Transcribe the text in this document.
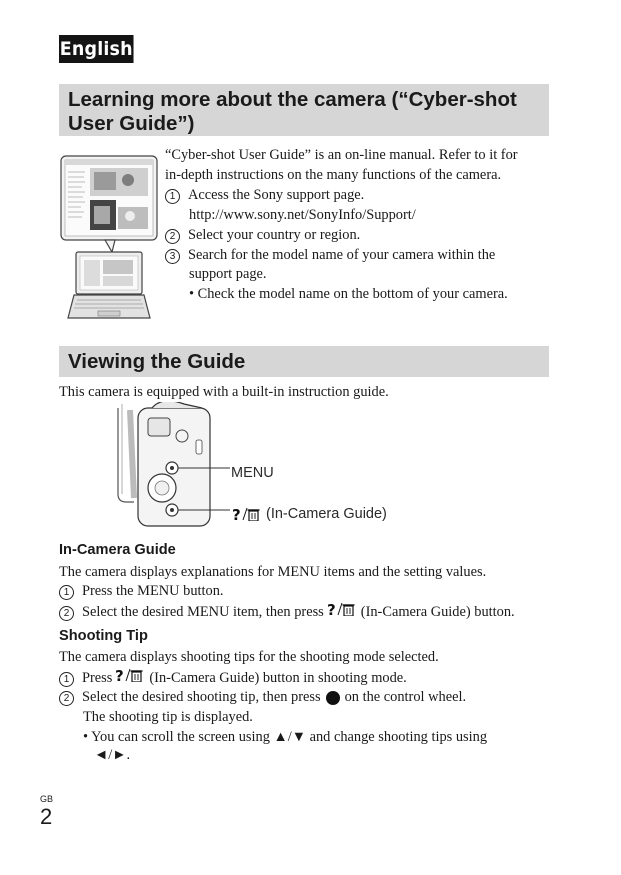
English
Learning more about the camera (“Cyber-shot
User Guide”)
“Cyber-shot User Guide” is an on-line manual. Refer to it for
in-depth instructions on the many functions of the camera.
1 Access the Sony support page.
http://www.sony.net/SonyInfo/Support/
2 Select your country or region.
3 Search for the model name of your camera within the
support page.
• Check the model name on the bottom of your camera.
Viewing the Guide
This camera is equipped with a built-in instruction guide.
MENU
? (In-Camera Guide)
In-Camera Guide
The camera displays explanations for MENU items and the setting values.
1 Press the MENU button.
2 Select the desired MENU item, then press ? (In-Camera Guide) button.
Shooting Tip
The camera displays shooting tips for the shooting mode selected.
1 Press ? (In-Camera Guide) button in shooting mode.
2 Select the desired shooting tip, then press on the control wheel.
The shooting tip is displayed.
• You can scroll the screen using ▲/▼ and change shooting tips using
◄/►.
GB
2
